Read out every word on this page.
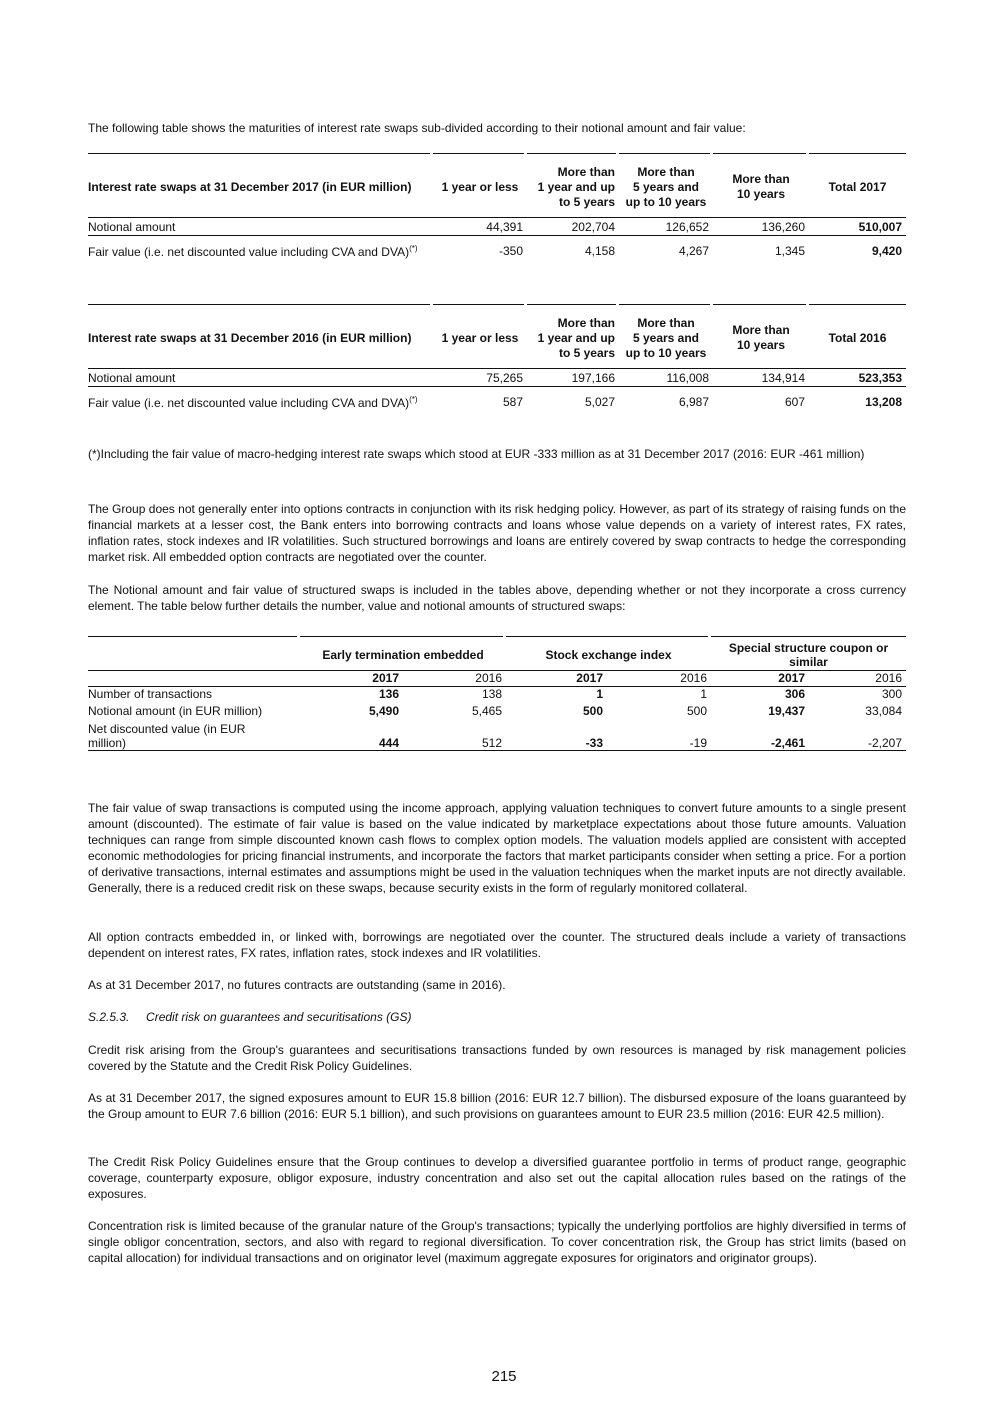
The following table shows the maturities of interest rate swaps sub-divided according to their notional amount and fair value:

Interest rate swaps at 31 December 2017 (in EUR million)	1 year or less	More than
1 year and up
to 5 years	More than
5 years and
up to 10 years	More than
10 years	Total 2017

Notional amount	44,391	202,704	126,652	136,260	510,007
Fair value (i.e. net discounted value including CVA and DVA)(*)	-350	4,158	4,267	1,345	9,420

Interest rate swaps at 31 December 2016 (in EUR million)	1 year or less	More than
1 year and up
to 5 years	More than
5 years and
up to 10 years	More than
10 years	Total 2016

Notional amount	75,265	197,166	116,008	134,914	523,353
Fair value (i.e. net discounted value including CVA and DVA)(*)	587	5,027	6,987	607	13,208

(*)Including the fair value of macro-hedging interest rate swaps which stood at EUR -333 million as at 31 December 2017 (2016: EUR -461 million)

The Group does not generally enter into options contracts in conjunction with its risk hedging policy. However, as part of its strategy of raising funds on the financial markets at a lesser cost, the Bank enters into borrowing contracts and loans whose value depends on a variety of interest rates, FX rates, inflation rates, stock indexes and IR volatilities. Such structured borrowings and loans are entirely covered by swap contracts to hedge the corresponding market risk. All embedded option contracts are negotiated over the counter.

The Notional amount and fair value of structured swaps is included in the tables above, depending whether or not they incorporate a cross currency element. The table below further details the number, value and notional amounts of structured swaps:

	Early termination embedded		Stock exchange index		Special structure coupon or similar	
	2017	2016	2017	2016	2017	2016
Number of transactions	136	138	1	1	306	300
Notional amount (in EUR million)	5,490	5,465	500	500	19,437	33,084
Net discounted value (in EUR million)	444	512	-33	-19	-2,461	-2,207

The fair value of swap transactions is computed using the income approach, applying valuation techniques to convert future amounts to a single present amount (discounted). The estimate of fair value is based on the value indicated by marketplace expectations about those future amounts. Valuation techniques can range from simple discounted known cash flows to complex option models. The valuation models applied are consistent with accepted economic methodologies for pricing financial instruments, and incorporate the factors that market participants consider when setting a price. For a portion of derivative transactions, internal estimates and assumptions might be used in the valuation techniques when the market inputs are not directly available. Generally, there is a reduced credit risk on these swaps, because security exists in the form of regularly monitored collateral.

All option contracts embedded in, or linked with, borrowings are negotiated over the counter. The structured deals include a variety of transactions dependent on interest rates, FX rates, inflation rates, stock indexes and IR volatilities.

As at 31 December 2017, no futures contracts are outstanding (same in 2016).

S.2.5.3.     Credit risk on guarantees and securitisations (GS)

Credit risk arising from the Group's guarantees and securitisations transactions funded by own resources is managed by risk management policies covered by the Statute and the Credit Risk Policy Guidelines.

As at 31 December 2017, the signed exposures amount to EUR 15.8 billion (2016: EUR 12.7 billion). The disbursed exposure of the loans guaranteed by the Group amount to EUR 7.6 billion (2016: EUR 5.1 billion), and such provisions on guarantees amount to EUR 23.5 million (2016: EUR 42.5 million).

The Credit Risk Policy Guidelines ensure that the Group continues to develop a diversified guarantee portfolio in terms of product range, geographic coverage, counterparty exposure, obligor exposure, industry concentration and also set out the capital allocation rules based on the ratings of the exposures.

Concentration risk is limited because of the granular nature of the Group's transactions; typically the underlying portfolios are highly diversified in terms of single obligor concentration, sectors, and also with regard to regional diversification. To cover concentration risk, the Group has strict limits (based on capital allocation) for individual transactions and on originator level (maximum aggregate exposures for originators and originator groups).

215
